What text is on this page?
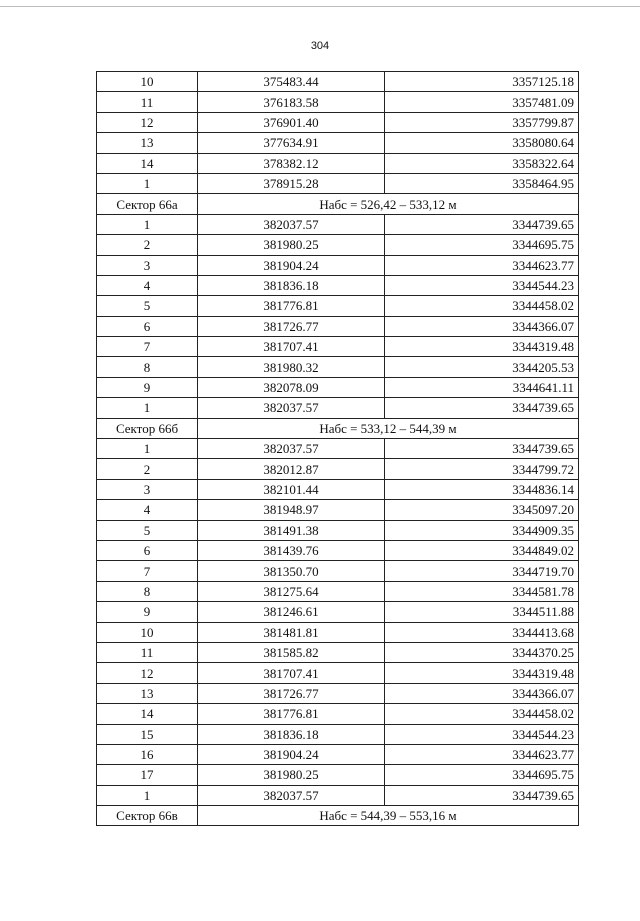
304
10	375483.44	3357125.18
11	376183.58	3357481.09
12	376901.40	3357799.87
13	377634.91	3358080.64
14	378382.12	3358322.64
1	378915.28	3358464.95
Сектор 66а	Набс = 526,42 – 533,12 м	
1	382037.57	3344739.65
2	381980.25	3344695.75
3	381904.24	3344623.77
4	381836.18	3344544.23
5	381776.81	3344458.02
6	381726.77	3344366.07
7	381707.41	3344319.48
8	381980.32	3344205.53
9	382078.09	3344641.11
1	382037.57	3344739.65
Сектор 66б	Набс = 533,12 – 544,39 м	
1	382037.57	3344739.65
2	382012.87	3344799.72
3	382101.44	3344836.14
4	381948.97	3345097.20
5	381491.38	3344909.35
6	381439.76	3344849.02
7	381350.70	3344719.70
8	381275.64	3344581.78
9	381246.61	3344511.88
10	381481.81	3344413.68
11	381585.82	3344370.25
12	381707.41	3344319.48
13	381726.77	3344366.07
14	381776.81	3344458.02
15	381836.18	3344544.23
16	381904.24	3344623.77
17	381980.25	3344695.75
1	382037.57	3344739.65
Сектор 66в	Набс = 544,39 – 553,16 м	
